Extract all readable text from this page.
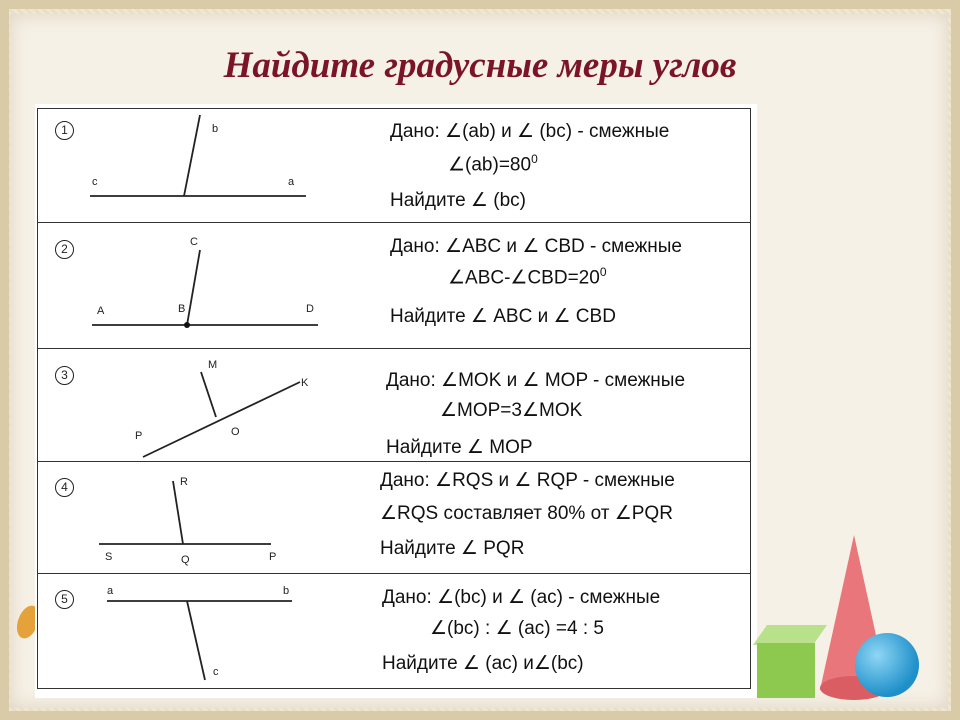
Найдите градусные меры углов
1
2
3
4
5
b
c	a
C
A	B	D
M
K
P	O
R
S	Q	P
a	b
c
Дано: ∠(ab) и ∠ (bc) - смежные
$\angle(ab)=80^0$
Найдите ∠ (bc)
Дано: ∠ABC и ∠ CBD - смежные
$\angle ABC-\angle CBD=20^0$
Найдите ∠ ABC и ∠ CBD
Дано: ∠MOK и ∠ MOP - смежные
∠MOP=3∠MOK
Найдите ∠ MOP
Дано: ∠RQS и ∠ RQP - смежные
∠RQS составляет 80% от ∠PQR
Найдите ∠ PQR
Дано: ∠(bc) и ∠ (ac) - смежные
∠(bc) : ∠ (ac) =4 : 5
Найдите ∠ (ac) и∠(bc)
